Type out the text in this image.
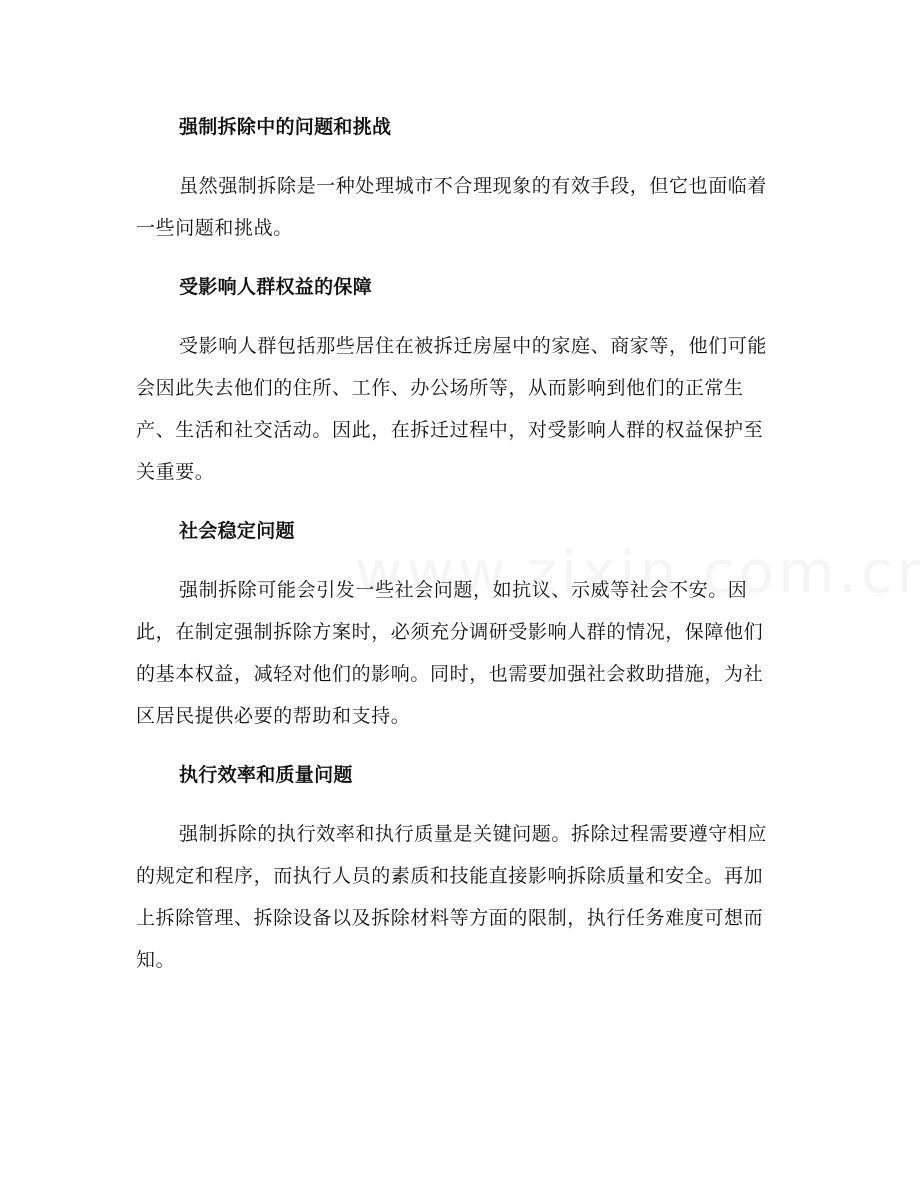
强制拆除中的问题和挑战

虽然强制拆除是一种处理城市不合理现象的有效手段，但它也面临着一些问题和挑战。

受影响人群权益的保障

受影响人群包括那些居住在被拆迁房屋中的家庭、商家等，他们可能会因此失去他们的住所、工作、办公场所等，从而影响到他们的正常生产、生活和社交活动。因此，在拆迁过程中，对受影响人群的权益保护至关重要。

社会稳定问题

强制拆除可能会引发一些社会问题，如抗议、示威等社会不安。因此，在制定强制拆除方案时，必须充分调研受影响人群的情况，保障他们的基本权益，减轻对他们的影响。同时，也需要加强社会救助措施，为社区居民提供必要的帮助和支持。

执行效率和质量问题

强制拆除的执行效率和执行质量是关键问题。拆除过程需要遵守相应的规定和程序，而执行人员的素质和技能直接影响拆除质量和安全。再加上拆除管理、拆除设备以及拆除材料等方面的限制，执行任务难度可想而知。
